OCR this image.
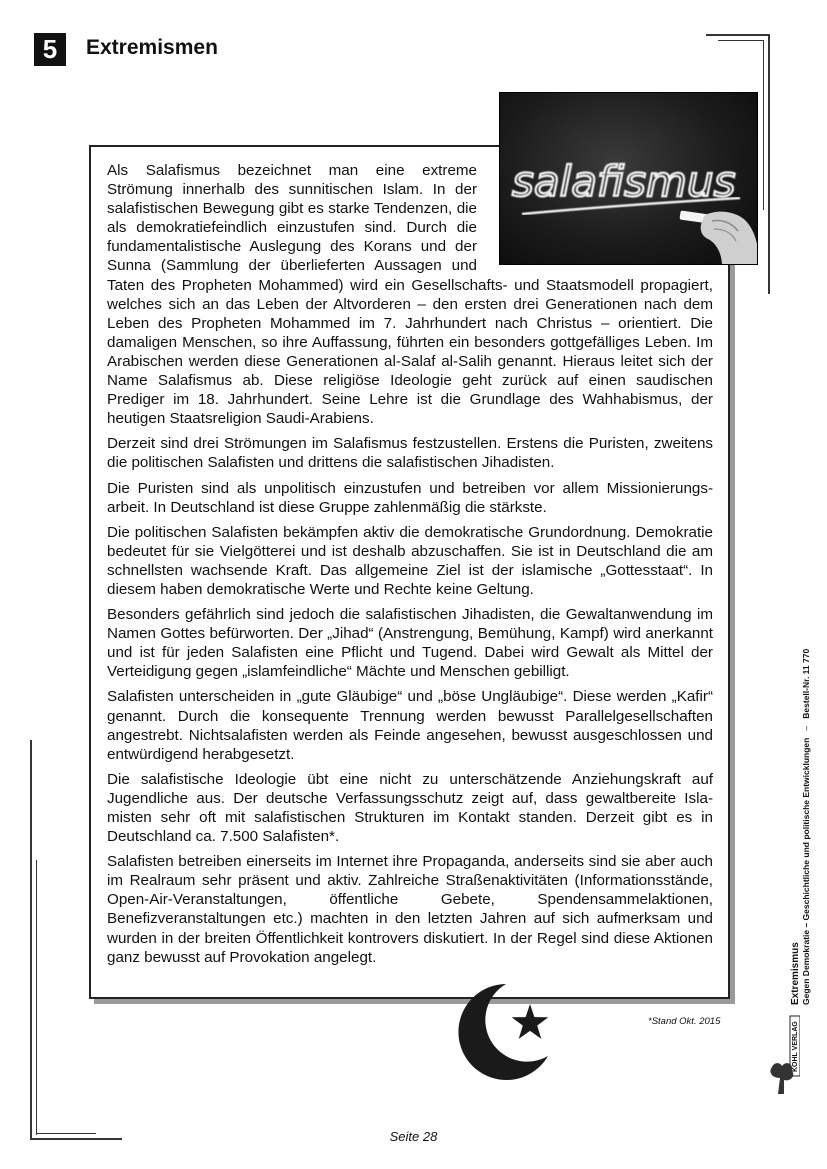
5	Extremismen

Als Salafismus bezeichnet man eine extreme Strömung innerhalb des sunnitischen Islam. In der salafistischen Bewegung gibt es starke Tendenzen, die als demokratiefeindlich einzustufen sind. Durch die fundamentalistische Auslegung des Korans und der Sunna (Sammlung der überlieferten Aussagen und Taten des Propheten Mohammed) wird ein Gesellschafts- und Staatsmodell propagiert, welches sich an das Leben der Altvorderen – den ersten drei Generationen nach dem Leben des Propheten Mohammed im 7. Jahrhundert nach Christus – orientiert. Die damaligen Menschen, so ihre Auffassung, führten ein besonders gottgefälliges Leben. Im Arabischen werden diese Generationen al-Salaf al-Salih genannt. Hieraus leitet sich der Name Salafismus ab. Diese religiöse Ideologie geht zurück auf einen saudischen Prediger im 18. Jahrhundert. Seine Lehre ist die Grundlage des Wahhabismus, der heutigen Staatsreligion Saudi-Arabiens.

Derzeit sind drei Strömungen im Salafismus festzustellen. Erstens die Puristen, zweitens die politischen Salafisten und drittens die salafistischen Jihadisten.

Die Puristen sind als unpolitisch einzustufen und betreiben vor allem Missionierungsarbeit. In Deutschland ist diese Gruppe zahlenmäßig die stärkste.

Die politischen Salafisten bekämpfen aktiv die demokratische Grundordnung. Demokratie bedeutet für sie Vielgötterei und ist deshalb abzuschaffen. Sie ist in Deutschland die am schnellsten wachsende Kraft. Das allgemeine Ziel ist der islamische „Gottesstaat“. In diesem haben demokratische Werte und Rechte keine Geltung.

Besonders gefährlich sind jedoch die salafistischen Jihadisten, die Gewaltanwendung im Namen Gottes befürworten. Der „Jihad“ (Anstrengung, Bemühung, Kampf) wird anerkannt und ist für jeden Salafisten eine Pflicht und Tugend. Dabei wird Gewalt als Mittel der Verteidigung gegen „islamfeindliche“ Mächte und Menschen gebilligt.

Salafisten unterscheiden in „gute Gläubige“ und „böse Ungläubige“. Diese werden „Kafir“ genannt. Durch die konsequente Trennung werden bewusst Parallelgesellschaften angestrebt. Nichtsalafisten werden als Feinde angesehen, bewusst ausgeschlossen und entwürdigend herabgesetzt.

Die salafistische Ideologie übt eine nicht zu unterschätzende Anziehungskraft auf Jugendliche aus. Der deutsche Verfassungsschutz zeigt auf, dass gewaltbereite Islamisten sehr oft mit salafistischen Strukturen im Kontakt standen. Derzeit gibt es in Deutschland ca. 7.500 Salafisten*.

Salafisten betreiben einerseits im Internet ihre Propaganda, anderseits sind sie aber auch im Realraum sehr präsent und aktiv. Zahlreiche Straßenaktivitäten (Informationsstände, Open-Air-Veranstaltungen, öffentliche Gebete, Spendensammelaktionen, Benefizveranstaltungen etc.) machten in den letzten Jahren auf sich aufmerksam und wurden in der breiten Öffentlichkeit kontrovers diskutiert. In der Regel sind diese Aktionen ganz bewusst auf Provokation angelegt.

salafismus
*Stand Okt. 2015
Extremismus Gegen Demokratie – Geschichtliche und politische Entwicklungen   –   Bestell-Nr. 11 770
KOHL VERLAG
Seite 28
